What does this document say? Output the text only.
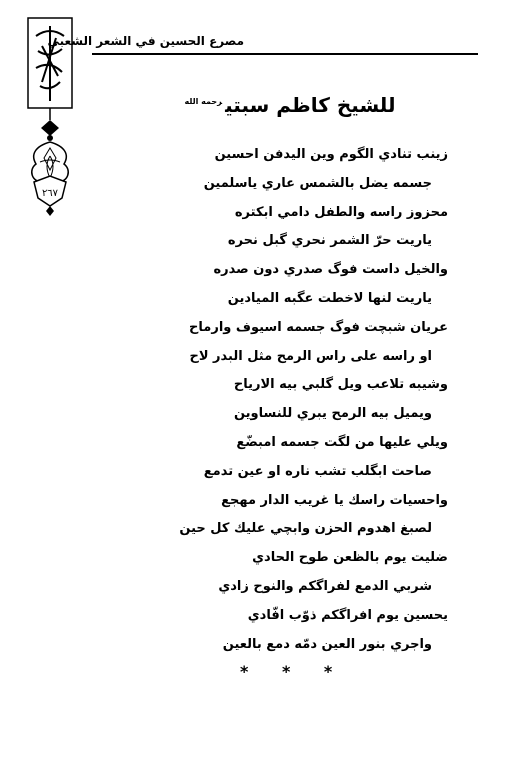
مصرع الحسين في الشعر الشعبي
٢٦٧
للشيخ كاظم سبتي$^{رحمه الله}$
زينب تنادي الگوم وين اليدفن احسين
جسمه يضل بالشمس عاري ياسلمين
محزوز راسه والطفل دامي ابكتره
ياريت حرّ الشمر نحري گبل نحره
والخيل داست فوگ صدري دون صدره
ياريت لنها لاخطت عگبه الميادين
عريان شبچت فوگ جسمه اسيوف وارماح
او راسه على راس الرمح مثل البدر لاح
وشيبه تلاعب ويل گلبي بيه الارياح
ويميل بيه الرمح يبري للنساوين
ويلي عليها من لگت جسمه امبضّع
صاحت ابگلب تشب ناره او عين تدمع
واحسيات راسك يا غريب الدار مهجع
لصبغ اهدوم الحزن وابچي عليك كل حين
ضليت يوم بالظعن طوح الحادي
شربي الدمع لفراگكم والنوح زادي
يحسين يوم افراگكم ذوّب افّادي
واجري بنور العين دمّه دمع بالعين
* * *
